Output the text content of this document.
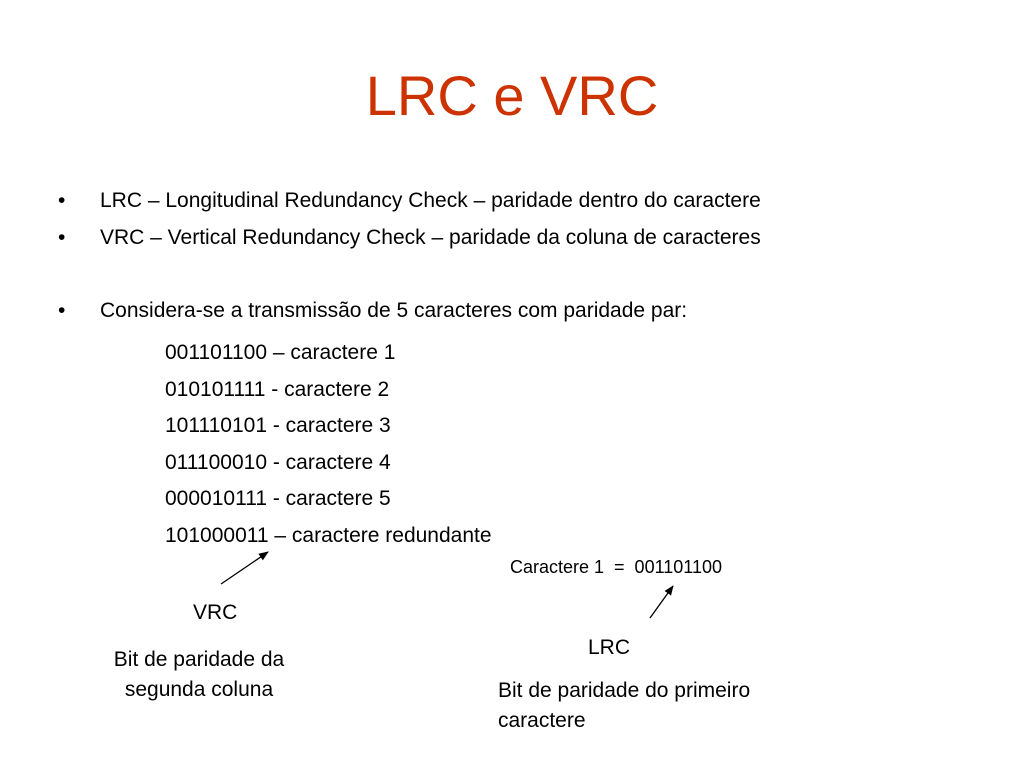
LRC e VRC
• LRC – Longitudinal Redundancy Check – paridade dentro do caractere
• VRC – Vertical Redundancy Check – paridade da coluna de caracteres
• Considera-se a transmissão de 5 caracteres com paridade par:
001101100 – caractere 1
010101111 - caractere 2
101110101 - caractere 3
011100010 - caractere 4
000010111 - caractere 5
101000011 – caractere redundante
Caractere 1  =  001101100
VRC
Bit de paridade da segunda coluna
LRC
Bit de paridade do primeiro caractere
